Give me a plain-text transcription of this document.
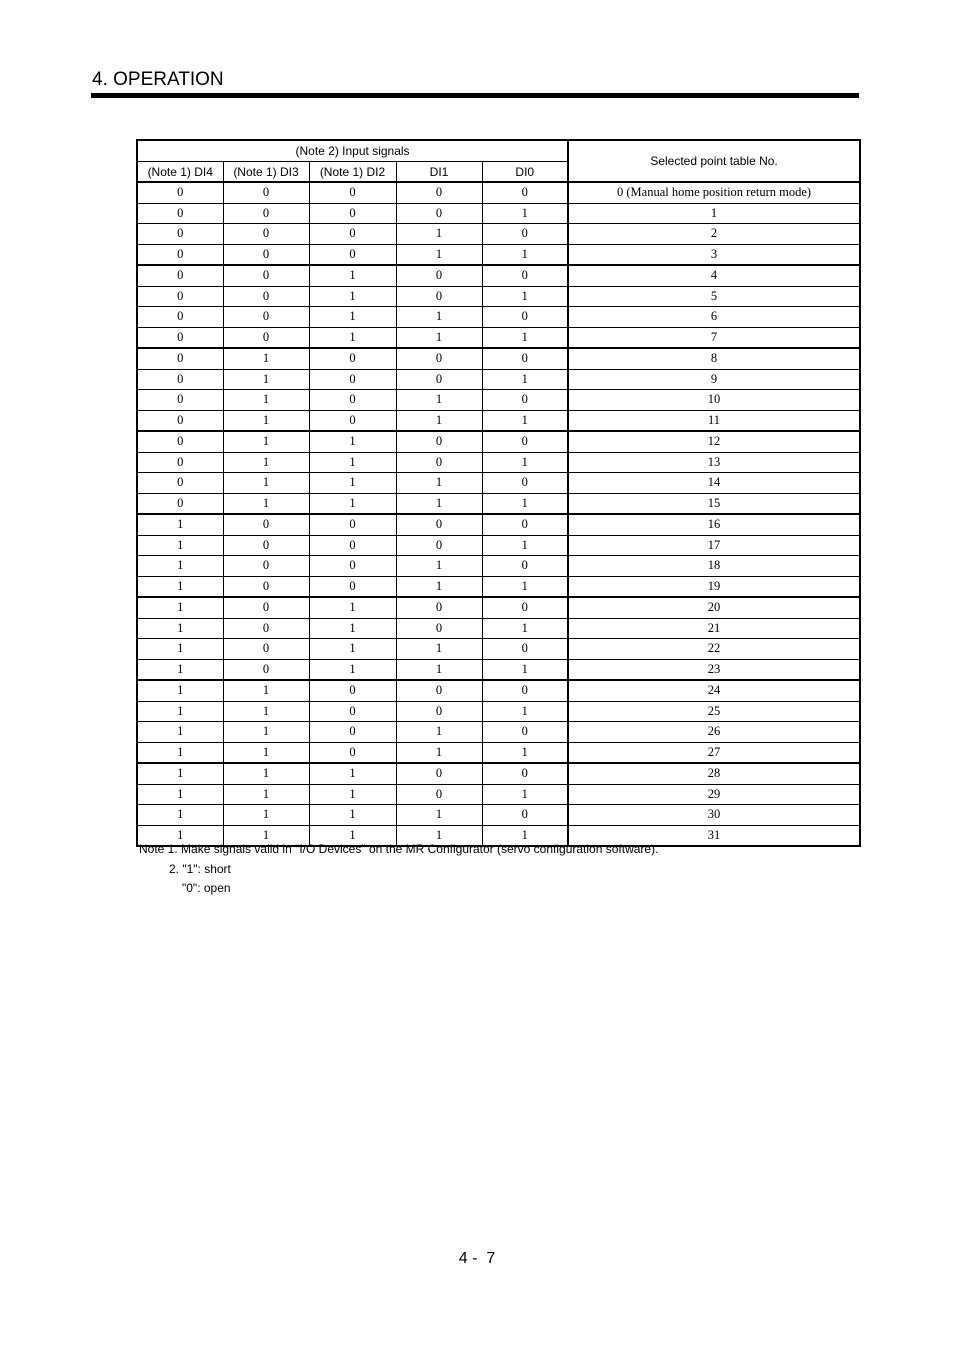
4. OPERATION
(Note 2) Input signals					Selected point table No.
(Note 1) DI4	(Note 1) DI3	(Note 1) DI2	DI1	DI0	
0	0	0	0	0	0 (Manual home position return mode)
0	0	0	0	1	1
0	0	0	1	0	2
0	0	0	1	1	3
0	0	1	0	0	4
0	0	1	0	1	5
0	0	1	1	0	6
0	0	1	1	1	7
0	1	0	0	0	8
0	1	0	0	1	9
0	1	0	1	0	10
0	1	0	1	1	11
0	1	1	0	0	12
0	1	1	0	1	13
0	1	1	1	0	14
0	1	1	1	1	15
1	0	0	0	0	16
1	0	0	0	1	17
1	0	0	1	0	18
1	0	0	1	1	19
1	0	1	0	0	20
1	0	1	0	1	21
1	0	1	1	0	22
1	0	1	1	1	23
1	1	0	0	0	24
1	1	0	0	1	25
1	1	0	1	0	26
1	1	0	1	1	27
1	1	1	0	0	28
1	1	1	0	1	29
1	1	1	1	0	30
1	1	1	1	1	31
Note 1. Make signals valid in "I/O Devices" on the MR Configurator (servo configuration software).
2. "1": short
"0": open
4 -  7
